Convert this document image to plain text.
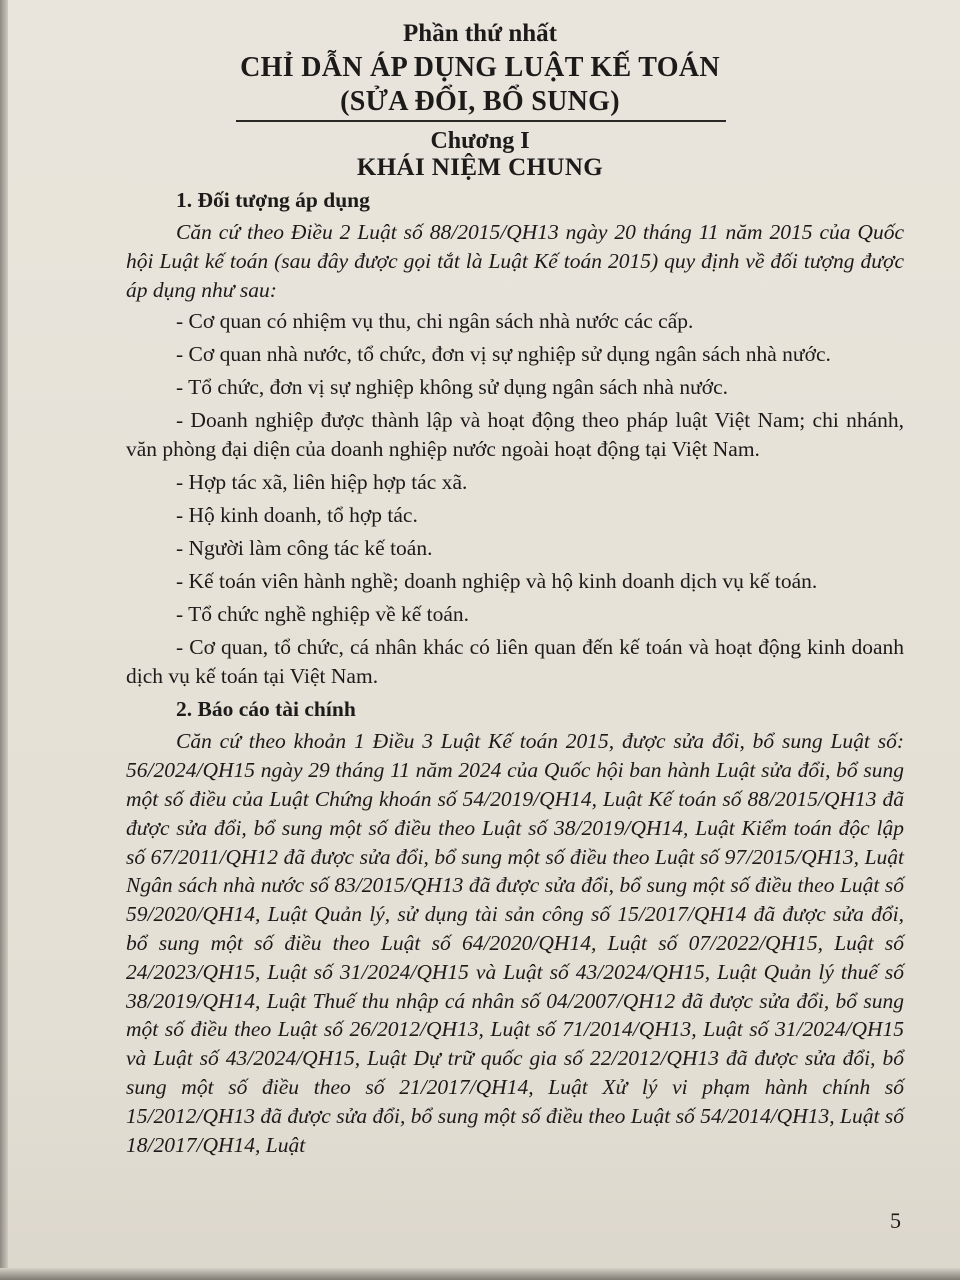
Phần thứ nhất
CHỈ DẪN ÁP DỤNG LUẬT KẾ TOÁN
(SỬA ĐỔI, BỔ SUNG)
Chương I
KHÁI NIỆM CHUNG

1. Đối tượng áp dụng

Căn cứ theo Điều 2 Luật số 88/2015/QH13 ngày 20 tháng 11 năm 2015 của Quốc hội Luật kế toán (sau đây được gọi tắt là Luật Kế toán 2015) quy định về đối tượng được áp dụng như sau:

- Cơ quan có nhiệm vụ thu, chi ngân sách nhà nước các cấp.
- Cơ quan nhà nước, tổ chức, đơn vị sự nghiệp sử dụng ngân sách nhà nước.
- Tổ chức, đơn vị sự nghiệp không sử dụng ngân sách nhà nước.
- Doanh nghiệp được thành lập và hoạt động theo pháp luật Việt Nam; chi nhánh, văn phòng đại diện của doanh nghiệp nước ngoài hoạt động tại Việt Nam.
- Hợp tác xã, liên hiệp hợp tác xã.
- Hộ kinh doanh, tổ hợp tác.
- Người làm công tác kế toán.
- Kế toán viên hành nghề; doanh nghiệp và hộ kinh doanh dịch vụ kế toán.
- Tổ chức nghề nghiệp về kế toán.
- Cơ quan, tổ chức, cá nhân khác có liên quan đến kế toán và hoạt động kinh doanh dịch vụ kế toán tại Việt Nam.

2. Báo cáo tài chính

Căn cứ theo khoản 1 Điều 3 Luật Kế toán 2015, được sửa đổi, bổ sung Luật số: 56/2024/QH15 ngày 29 tháng 11 năm 2024 của Quốc hội ban hành Luật sửa đổi, bổ sung một số điều của Luật Chứng khoán số 54/2019/QH14, Luật Kế toán số 88/2015/QH13 đã được sửa đổi, bổ sung một số điều theo Luật số 38/2019/QH14, Luật Kiểm toán độc lập số 67/2011/QH12 đã được sửa đổi, bổ sung một số điều theo Luật số 97/2015/QH13, Luật Ngân sách nhà nước số 83/2015/QH13 đã được sửa đổi, bổ sung một số điều theo Luật số 59/2020/QH14, Luật Quản lý, sử dụng tài sản công số 15/2017/QH14 đã được sửa đổi, bổ sung một số điều theo Luật số 64/2020/QH14, Luật số 07/2022/QH15, Luật số 24/2023/QH15, Luật số 31/2024/QH15 và Luật số 43/2024/QH15, Luật Quản lý thuế số 38/2019/QH14, Luật Thuế thu nhập cá nhân số 04/2007/QH12 đã được sửa đổi, bổ sung một số điều theo Luật số 26/2012/QH13, Luật số 71/2014/QH13, Luật số 31/2024/QH15 và Luật số 43/2024/QH15, Luật Dự trữ quốc gia số 22/2012/QH13 đã được sửa đổi, bổ sung một số điều theo số 21/2017/QH14, Luật Xử lý vi phạm hành chính số 15/2012/QH13 đã được sửa đổi, bổ sung một số điều theo Luật số 54/2014/QH13, Luật số 18/2017/QH14, Luật

5
